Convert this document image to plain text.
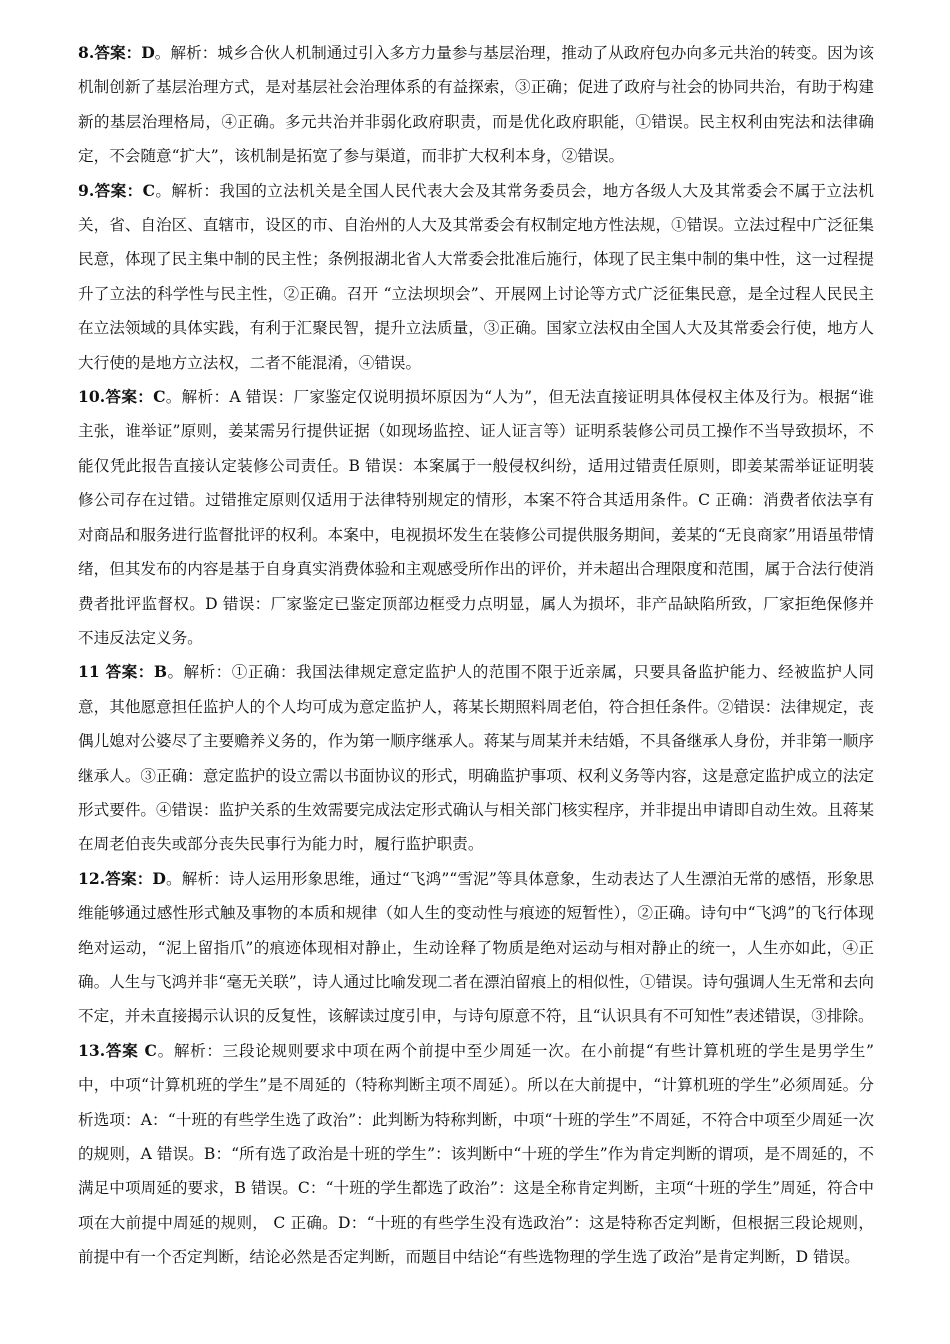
8.答案：D。解析：城乡合伙人机制通过引入多方力量参与基层治理，推动了从政府包办向多元共治的转变。因为该机制创新了基层治理方式，是对基层社会治理体系的有益探索，③正确；促进了政府与社会的协同共治，有助于构建新的基层治理格局，④正确。多元共治并非弱化政府职责，而是优化政府职能，①错误。民主权利由宪法和法律确定，不会随意“扩大”，该机制是拓宽了参与渠道，而非扩大权利本身，②错误。

9.答案：C。解析：我国的立法机关是全国人民代表大会及其常务委员会，地方各级人大及其常委会不属于立法机关，省、自治区、直辖市，设区的市、自治州的人大及其常委会有权制定地方性法规，①错误。立法过程中广泛征集民意，体现了民主集中制的民主性；条例报湖北省人大常委会批准后施行，体现了民主集中制的集中性，这一过程提升了立法的科学性与民主性，②正确。召开 “立法坝坝会”、开展网上讨论等方式广泛征集民意，是全过程人民民主在立法领域的具体实践，有利于汇聚民智，提升立法质量，③正确。国家立法权由全国人大及其常委会行使，地方人大行使的是地方立法权，二者不能混淆，④错误。

10.答案：C。解析：A 错误：厂家鉴定仅说明损坏原因为“人为”，但无法直接证明具体侵权主体及行为。根据“谁主张，谁举证”原则，姜某需另行提供证据（如现场监控、证人证言等）证明系装修公司员工操作不当导致损坏，不能仅凭此报告直接认定装修公司责任。B 错误：本案属于一般侵权纠纷，适用过错责任原则，即姜某需举证证明装修公司存在过错。过错推定原则仅适用于法律特别规定的情形，本案不符合其适用条件。C 正确：消费者依法享有对商品和服务进行监督批评的权利。本案中，电视损坏发生在装修公司提供服务期间，姜某的“无良商家”用语虽带情绪，但其发布的内容是基于自身真实消费体验和主观感受所作出的评价，并未超出合理限度和范围，属于合法行使消费者批评监督权。D 错误：厂家鉴定已鉴定顶部边框受力点明显，属人为损坏，非产品缺陷所致，厂家拒绝保修并不违反法定义务。

11 答案：B。解析：①正确：我国法律规定意定监护人的范围不限于近亲属，只要具备监护能力、经被监护人同意，其他愿意担任监护人的个人均可成为意定监护人，蒋某长期照料周老伯，符合担任条件。②错误：法律规定，丧偶儿媳对公婆尽了主要赡养义务的，作为第一顺序继承人。蒋某与周某并未结婚，不具备继承人身份，并非第一顺序继承人。③正确：意定监护的设立需以书面协议的形式，明确监护事项、权利义务等内容，这是意定监护成立的法定形式要件。④错误：监护关系的生效需要完成法定形式确认与相关部门核实程序，并非提出申请即自动生效。且蒋某在周老伯丧失或部分丧失民事行为能力时，履行监护职责。

12.答案：D。解析：诗人运用形象思维，通过“飞鸿”“雪泥”等具体意象，生动表达了人生漂泊无常的感悟，形象思维能够通过感性形式触及事物的本质和规律（如人生的变动性与痕迹的短暂性），②正确。诗句中“飞鸿”的飞行体现绝对运动，“泥上留指爪”的痕迹体现相对静止，生动诠释了物质是绝对运动与相对静止的统一，人生亦如此，④正确。人生与飞鸿并非“毫无关联”，诗人通过比喻发现二者在漂泊留痕上的相似性，①错误。诗句强调人生无常和去向不定，并未直接揭示认识的反复性，该解读过度引申，与诗句原意不符，且“认识具有不可知性”表述错误，③排除。

13.答案 C。解析：三段论规则要求中项在两个前提中至少周延一次。在小前提“有些计算机班的学生是男学生” 中，中项“计算机班的学生”是不周延的（特称判断主项不周延）。所以在大前提中，“计算机班的学生”必须周延。分析选项：A：“十班的有些学生选了政治”：此判断为特称判断，中项“十班的学生”不周延，不符合中项至少周延一次的规则，A 错误。B：“所有选了政治是十班的学生”：该判断中“十班的学生”作为肯定判断的谓项，是不周延的，不满足中项周延的要求，B 错误。C：“十班的学生都选了政治”：这是全称肯定判断，主项“十班的学生”周延，符合中项在大前提中周延的规则， C 正确。D：“十班的有些学生没有选政治”：这是特称否定判断，但根据三段论规则，前提中有一个否定判断，结论必然是否定判断，而题目中结论“有些选物理的学生选了政治”是肯定判断，D 错误。
